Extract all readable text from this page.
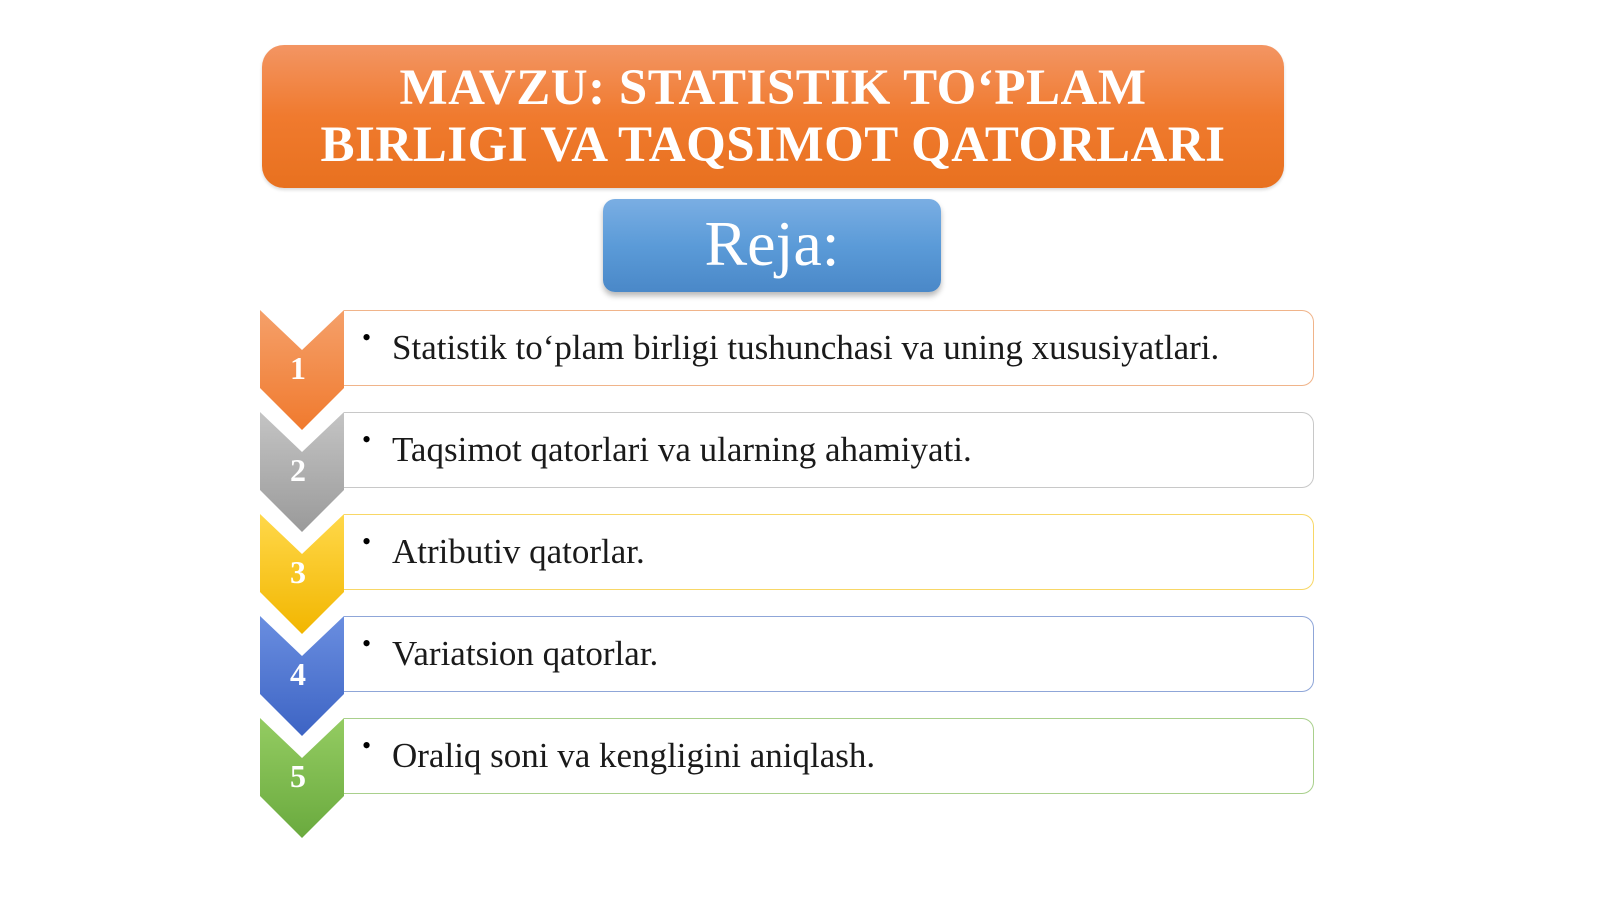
MAVZU: STATISTIK TO‘PLAM
BIRLIGI VA TAQSIMOT QATORLARI
Reja:
1
• Statistik to‘plam birligi tushunchasi va uning xususiyatlari.
2
• Taqsimot qatorlari va ularning ahamiyati.
3
• Atributiv qatorlar.
4
• Variatsion qatorlar.
5
• Oraliq soni va kengligini aniqlash.
